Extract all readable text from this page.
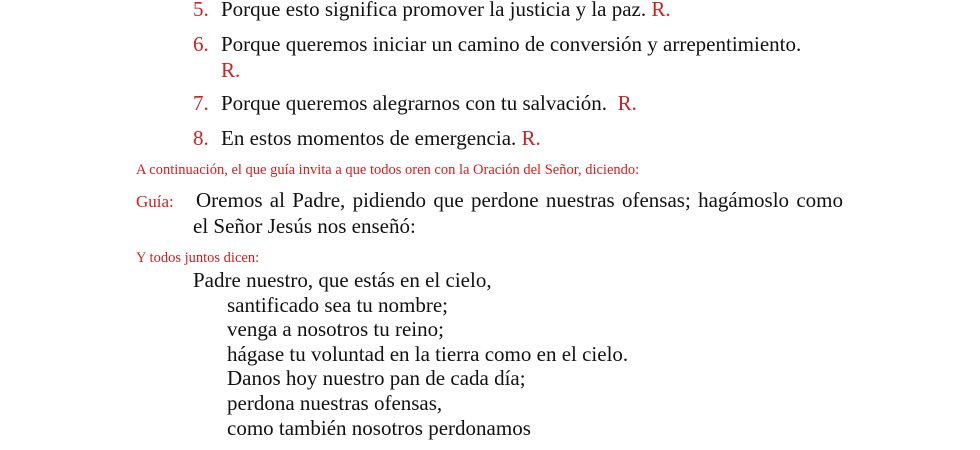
5. Porque esto significa promover la justicia y la paz. R.
6. Porque queremos iniciar un camino de conversión y arrepentimiento.
R.
7. Porque queremos alegrarnos con tu salvación. R.
8. En estos momentos de emergencia. R.
A continuación, el que guía invita a que todos oren con la Oración del Señor, diciendo:
Guía: Oremos al Padre, pidiendo que perdone nuestras ofensas; hagámoslo como el Señor Jesús nos enseñó:
Y todos juntos dicen:
Padre nuestro, que estás en el cielo,
santificado sea tu nombre;
venga a nosotros tu reino;
hágase tu voluntad en la tierra como en el cielo.
Danos hoy nuestro pan de cada día;
perdona nuestras ofensas,
como también nosotros perdonamos
